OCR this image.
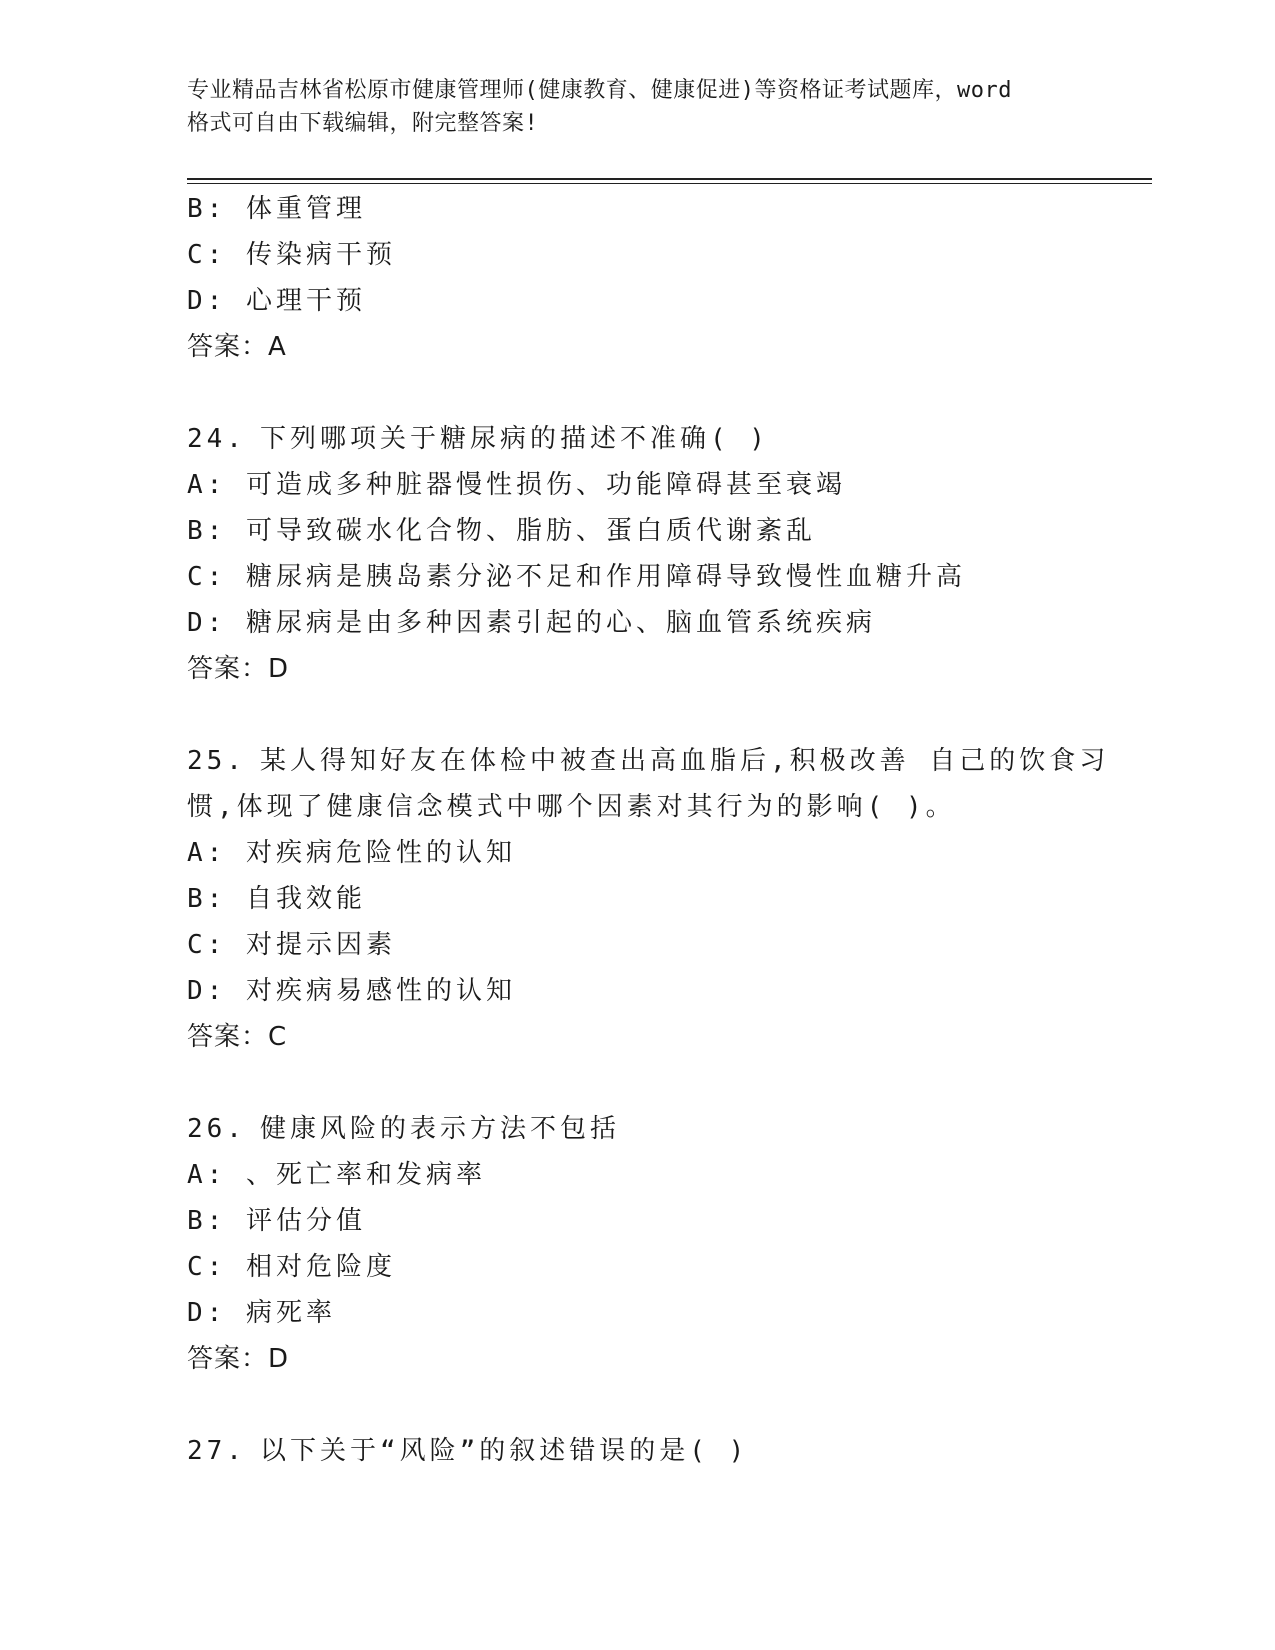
专业精品吉林省松原市健康管理师(健康教育、健康促进)等资格证考试题库，word
格式可自由下载编辑，附完整答案!
B: 体重管理
C: 传染病干预
D: 心理干预
答案：A
24. 下列哪项关于糖尿病的描述不准确( )
A: 可造成多种脏器慢性损伤、功能障碍甚至衰竭
B: 可导致碳水化合物、脂肪、蛋白质代谢紊乱
C: 糖尿病是胰岛素分泌不足和作用障碍导致慢性血糖升高
D: 糖尿病是由多种因素引起的心、脑血管系统疾病
答案：D
25. 某人得知好友在体检中被查出高血脂后,积极改善 自己的饮食习
惯,体现了健康信念模式中哪个因素对其行为的影响( )。
A: 对疾病危险性的认知
B: 自我效能
C: 对提示因素
D: 对疾病易感性的认知
答案：C
26. 健康风险的表示方法不包括
A: 、死亡率和发病率
B: 评估分值
C: 相对危险度
D: 病死率
答案：D
27. 以下关于“风险”的叙述错误的是( )
